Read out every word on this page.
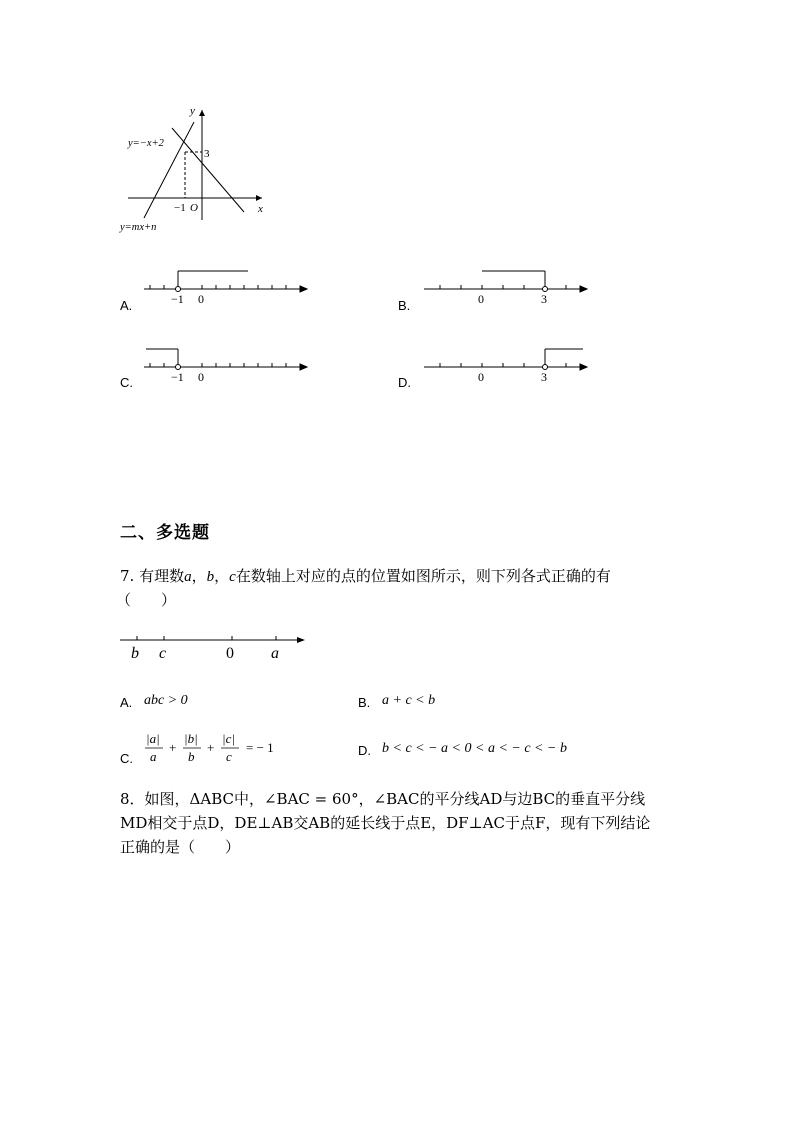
y
x
y=−x+2
y=mx+n
3
−1 O
A.	−1 0	B.	0	3
C.	−1 0	D.	0	3
二、多选题
7. 有理数a，b，c在数轴上对应的点的位置如图所示，则下列各式正确的有
（　　）
b c	0 a
A. abc > 0	B. a + c < b
C.
|a|
a
+
|b|
b
+
|c|
c
= − 1	D. b < c < − a < 0 < a < − c < − b
8．如图，ΔABC中，∠BAC = 60°，∠BAC的平分线AD与边BC的垂直平分线
MD相交于点D，DE⊥AB交AB的延长线于点E，DF⊥AC于点F，现有下列结论
正确的是（　　）
